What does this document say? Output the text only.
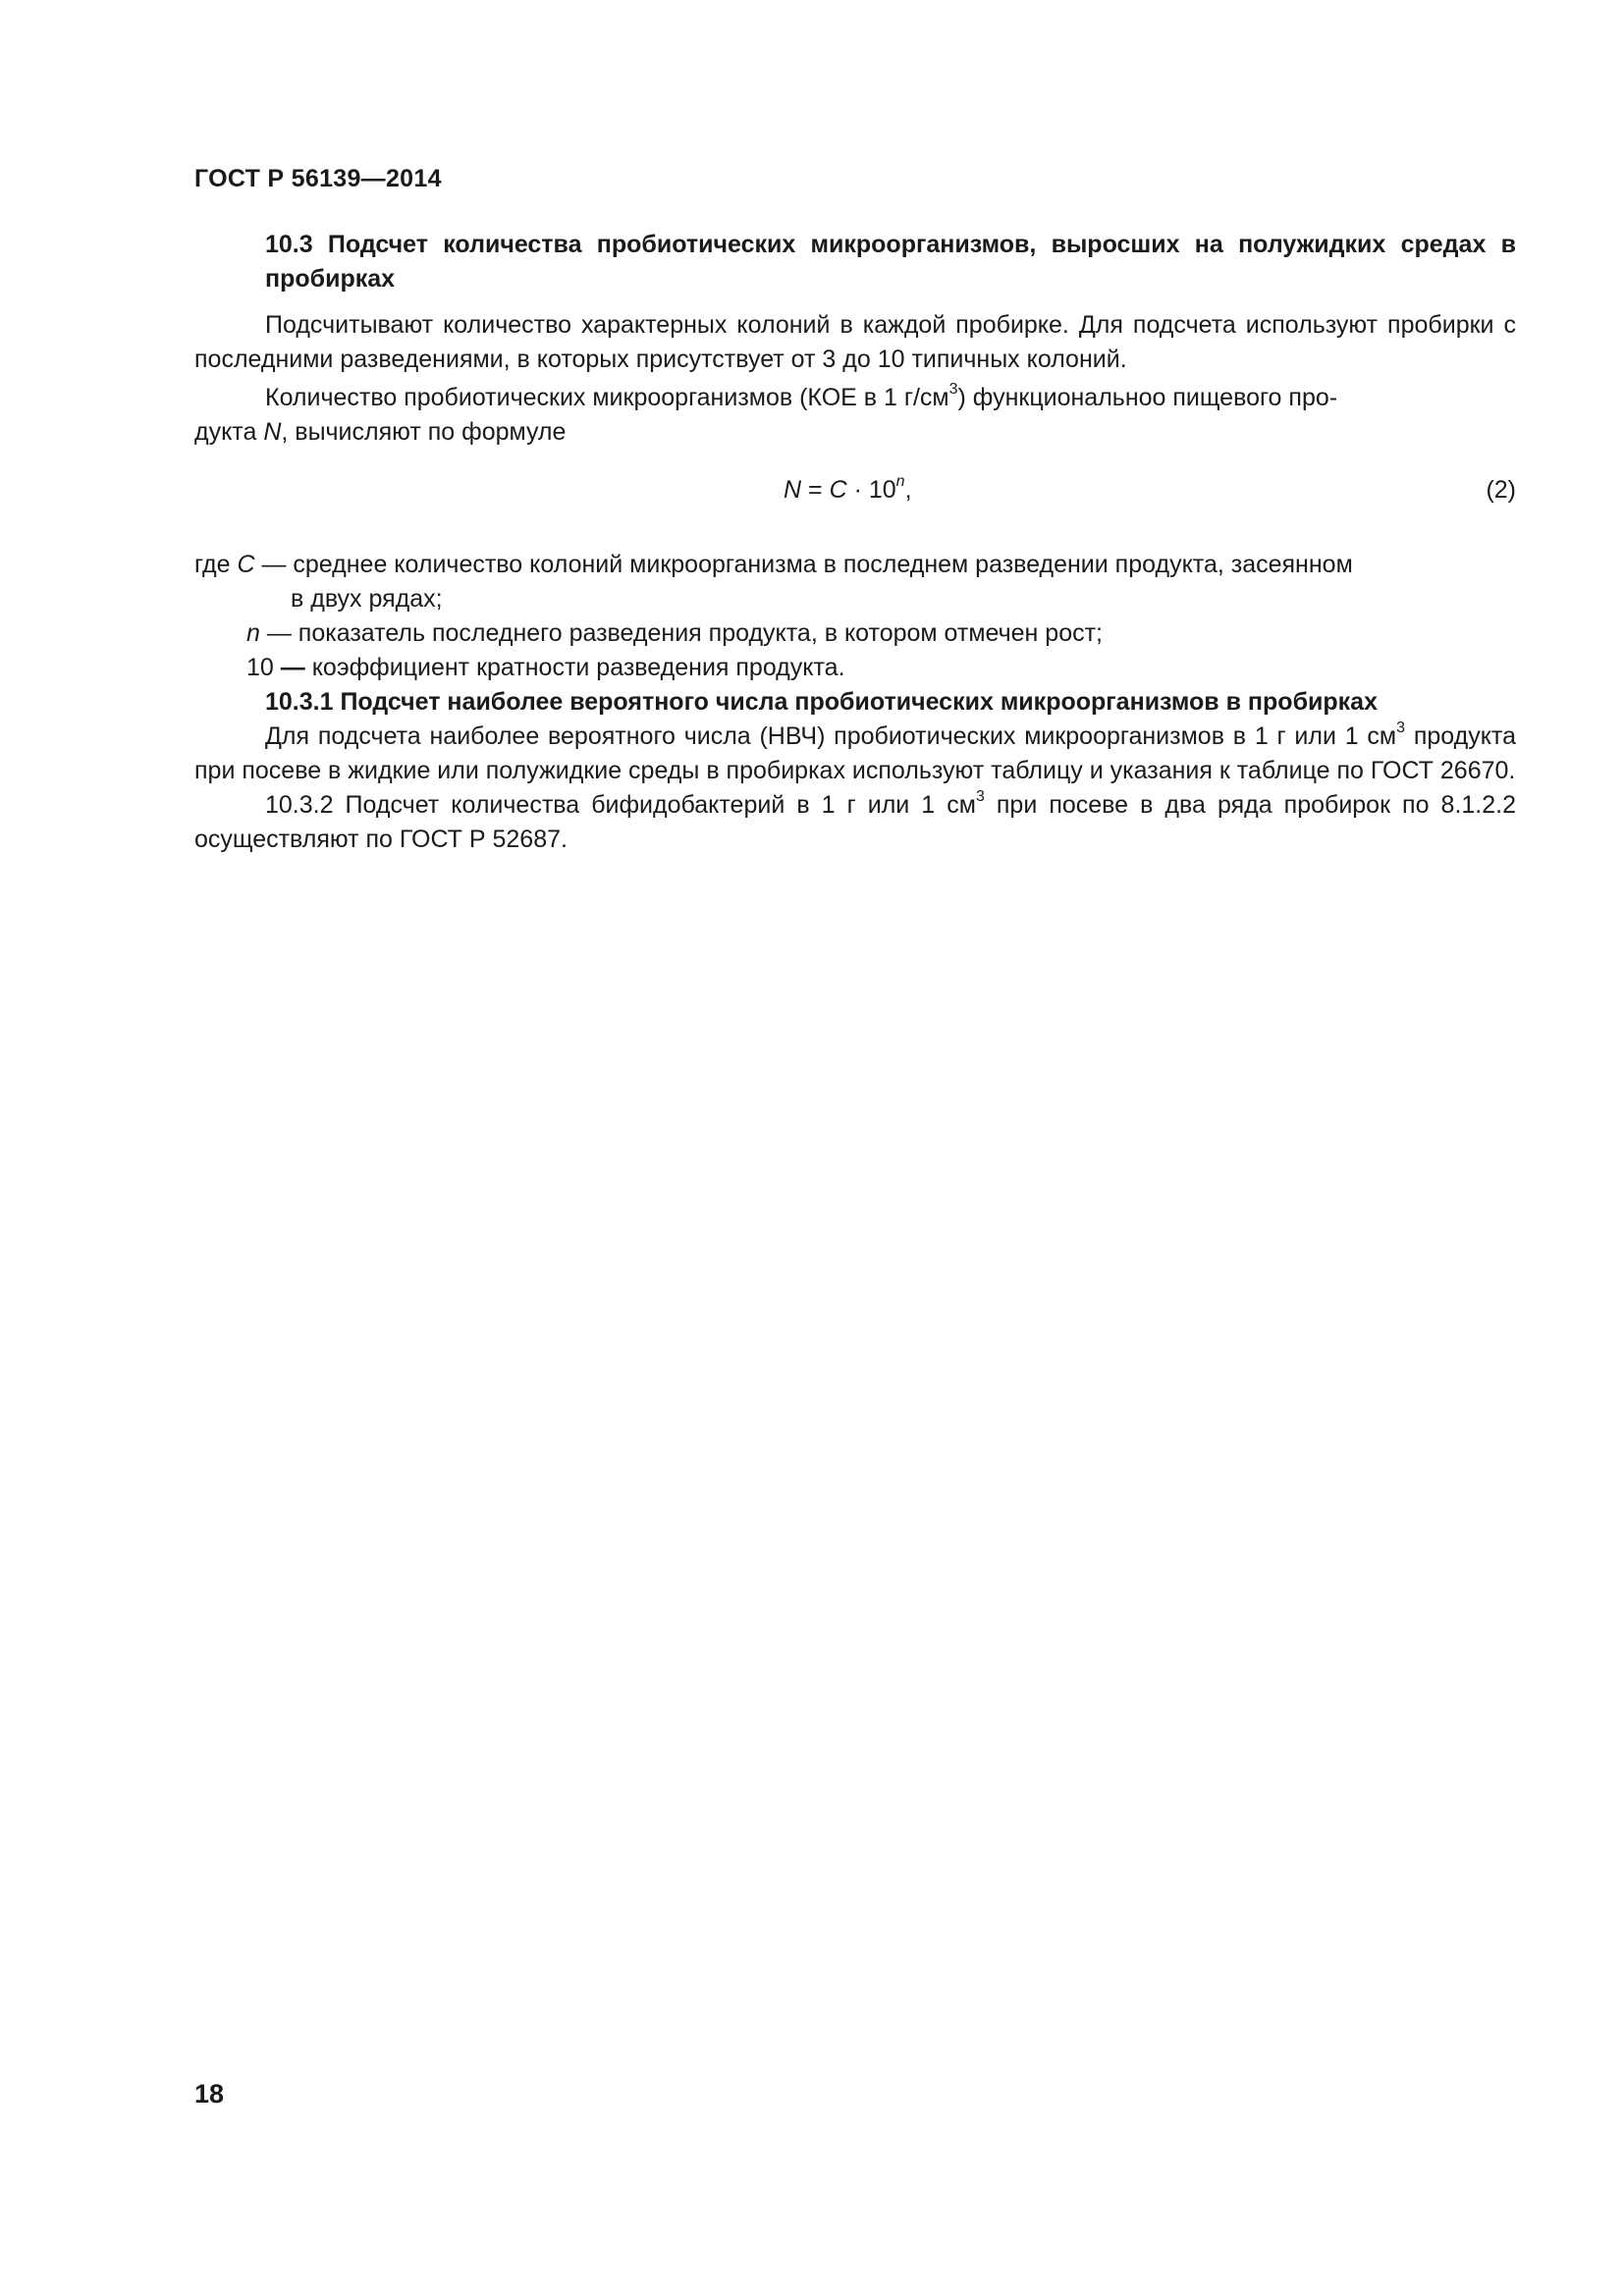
ГОСТ Р 56139—2014

10.3 Подсчет количества пробиотических микроорганизмов, выросших на полужидких средах в пробирках

Подсчитывают количество характерных колоний в каждой пробирке. Для подсчета используют пробирки с последними разведениями, в которых присутствует от 3 до 10 типичных колоний.

Количество пробиотических микроорганизмов (КОЕ в 1 $г/см^3$) функциональноо пищевого про-
дукта N, вычисляют по формуле

$N = C \cdot 10^n$,	(2)

где C — среднее количество колоний микроорганизма в последнем разведении продукта, засеянном

в двух рядах;

n — показатель последнего разведения продукта, в котором отмечен рост;

10 — коэффициент кратности разведения продукта.

10.3.1 Подсчет наиболее вероятного числа пробиотических микроорганизмов в пробирках

Для подсчета наиболее вероятного числа (НВЧ) пробиотических микроорганизмов в 1 г или 1 $см^3$ продукта при посеве в жидкие или полужидкие среды в пробирках используют таблицу и указания к таблице по ГОСТ 26670.

10.3.2 Подсчет количества бифидобактерий в 1 г или 1 $см^3$ при посеве в два ряда пробирок по 8.1.2.2 осуществляют по ГОСТ Р 52687.

18
